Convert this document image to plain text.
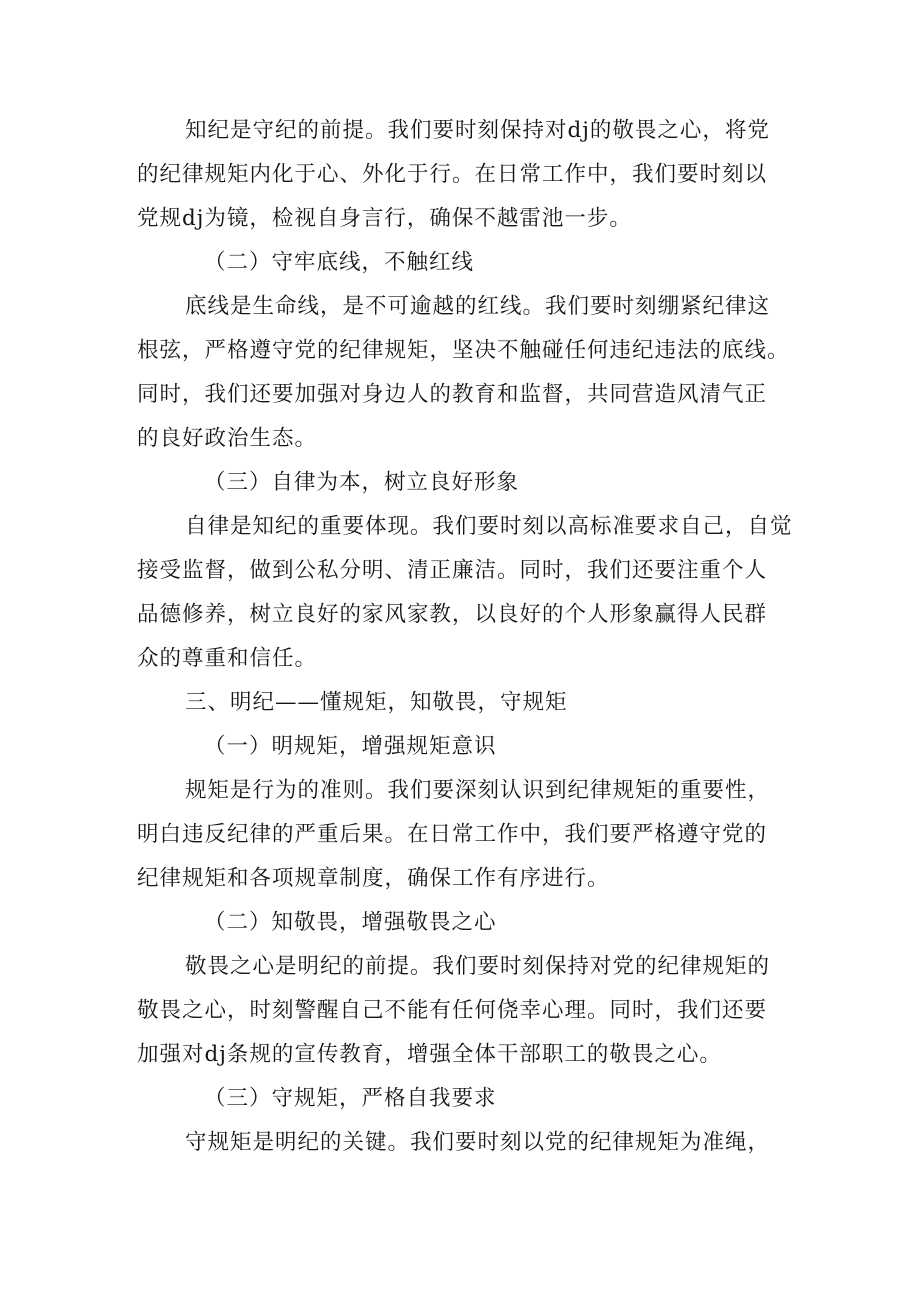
知纪是守纪的前提。我们要时刻保持对dj的敬畏之心，将党
的纪律规矩内化于心、外化于行。在日常工作中，我们要时刻以
党规dj为镜，检视自身言行，确保不越雷池一步。
（二）守牢底线，不触红线
底线是生命线，是不可逾越的红线。我们要时刻绷紧纪律这
根弦，严格遵守党的纪律规矩，坚决不触碰任何违纪违法的底线。
同时，我们还要加强对身边人的教育和监督，共同营造风清气正
的良好政治生态。
（三）自律为本，树立良好形象
自律是知纪的重要体现。我们要时刻以高标准要求自己，自觉
接受监督，做到公私分明、清正廉洁。同时，我们还要注重个人
品德修养，树立良好的家风家教，以良好的个人形象赢得人民群
众的尊重和信任。
三、明纪——懂规矩，知敬畏，守规矩
（一）明规矩，增强规矩意识
规矩是行为的准则。我们要深刻认识到纪律规矩的重要性，
明白违反纪律的严重后果。在日常工作中，我们要严格遵守党的
纪律规矩和各项规章制度，确保工作有序进行。
（二）知敬畏，增强敬畏之心
敬畏之心是明纪的前提。我们要时刻保持对党的纪律规矩的
敬畏之心，时刻警醒自己不能有任何侥幸心理。同时，我们还要
加强对dj条规的宣传教育，增强全体干部职工的敬畏之心。
（三）守规矩，严格自我要求
守规矩是明纪的关键。我们要时刻以党的纪律规矩为准绳，
